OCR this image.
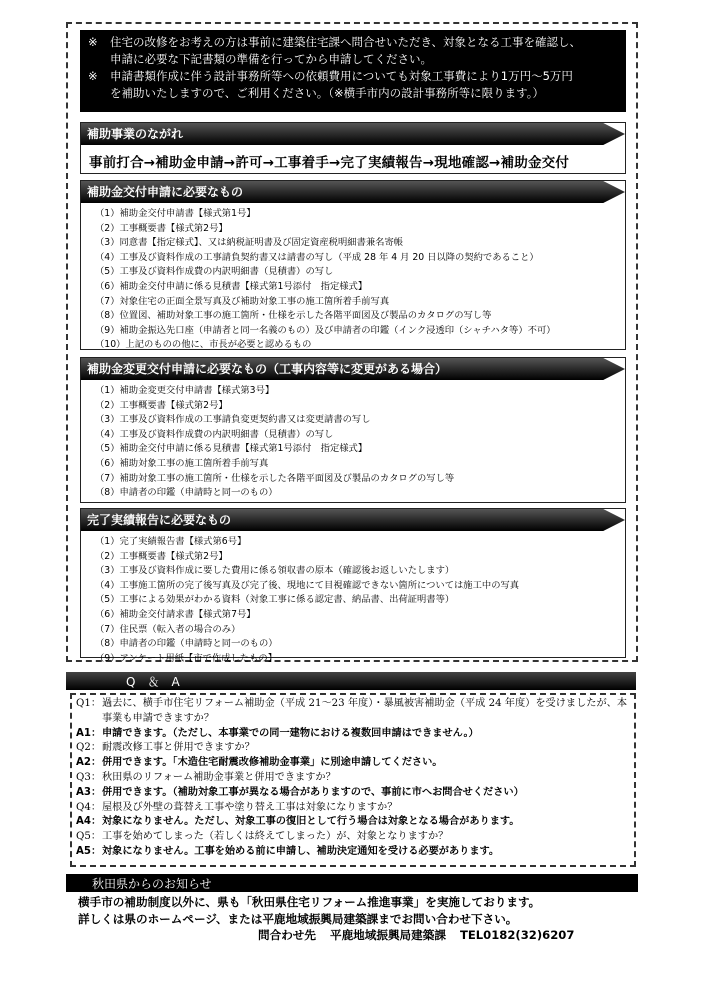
※	住宅の改修をお考えの方は事前に建築住宅課へ問合せいただき、対象となる工事を確認し、
申請に必要な下記書類の準備を行ってから申請してください。
※	申請書類作成に伴う設計事務所等への依頼費用についても対象工事費により1万円～5万円
を補助いたしますので、ご利用ください。（※横手市内の設計事務所等に限ります。）
補助事業のながれ
事前打合→補助金申請→許可→工事着手→完了実績報告→現地確認→補助金交付
補助金交付申請に必要なもの
（1）補助金交付申請書【様式第1号】
（2）工事概要書【様式第2号】
（3）同意書【指定様式】、又は納税証明書及び固定資産税明細書兼名寄帳
（4）工事及び資料作成の工事請負契約書又は請書の写し（平成 28 年 4 月 20 日以降の契約であること）
（5）工事及び資料作成費の内訳明細書（見積書）の写し
（6）補助金交付申請に係る見積書【様式第1号添付　指定様式】
（7）対象住宅の正面全景写真及び補助対象工事の施工箇所着手前写真
（8）位置図、補助対象工事の施工箇所・仕様を示した各階平面図及び製品のカタログの写し等
（9）補助金振込先口座（申請者と同一名義のもの）及び申請者の印鑑（インク浸透印（シャチハタ等）不可）
（10）上記のものの他に、市長が必要と認めるもの
補助金変更交付申請に必要なもの（工事内容等に変更がある場合）
（1）補助金変更交付申請書【様式第3号】
（2）工事概要書【様式第2号】
（3）工事及び資料作成の工事請負変更契約書又は変更請書の写し
（4）工事及び資料作成費の内訳明細書（見積書）の写し
（5）補助金交付申請に係る見積書【様式第1号添付　指定様式】
（6）補助対象工事の施工箇所着手前写真
（7）補助対象工事の施工箇所・仕様を示した各階平面図及び製品のカタログの写し等
（8）申請者の印鑑（申請時と同一のもの）
完了実績報告に必要なもの
（1）完了実績報告書【様式第6号】
（2）工事概要書【様式第2号】
（3）工事及び資料作成に要した費用に係る領収書の原本（確認後お返しいたします）
（4）工事施工箇所の完了後写真及び完了後、現地にて目視確認できない箇所については施工中の写真
（5）工事による効果がわかる資料（対象工事に係る認定書、納品書、出荷証明書等）
（6）補助金交付請求書【様式第7号】
（7）住民票（転入者の場合のみ）
（8）申請者の印鑑（申請時と同一のもの）
（9）アンケート用紙【市で作成したもの】
Q＆A
Q1： 過去に、横手市住宅リフォーム補助金（平成 21～23 年度）・暴風被害補助金（平成 24 年度）を受けましたが、本事業も申請できますか？
A1： 申請できます。（ただし、本事業での同一建物における複数回申請はできません。）
Q2： 耐震改修工事と併用できますか？
A2： 併用できます。「木造住宅耐震改修補助金事業」に別途申請してください。
Q3： 秋田県のリフォーム補助金事業と併用できますか？
A3： 併用できます。（補助対象工事が異なる場合がありますので、事前に市へお問合せください）
Q4： 屋根及び外壁の葺替え工事や塗り替え工事は対象になりますか？
A4： 対象になりません。ただし、対象工事の復旧として行う場合は対象となる場合があります。
Q5： 工事を始めてしまった（若しくは終えてしまった）が、対象となりますか？
A5： 対象になりません。工事を始める前に申請し、補助決定通知を受ける必要があります。
秋田県からのお知らせ
横手市の補助制度以外に、県も「秋田県住宅リフォーム推進事業」を実施しております。
詳しくは県のホームページ、または平鹿地域振興局建築課までお問い合わせ下さい。
問合わせ先 平鹿地域振興局建築課 TEL0182(32)6207
